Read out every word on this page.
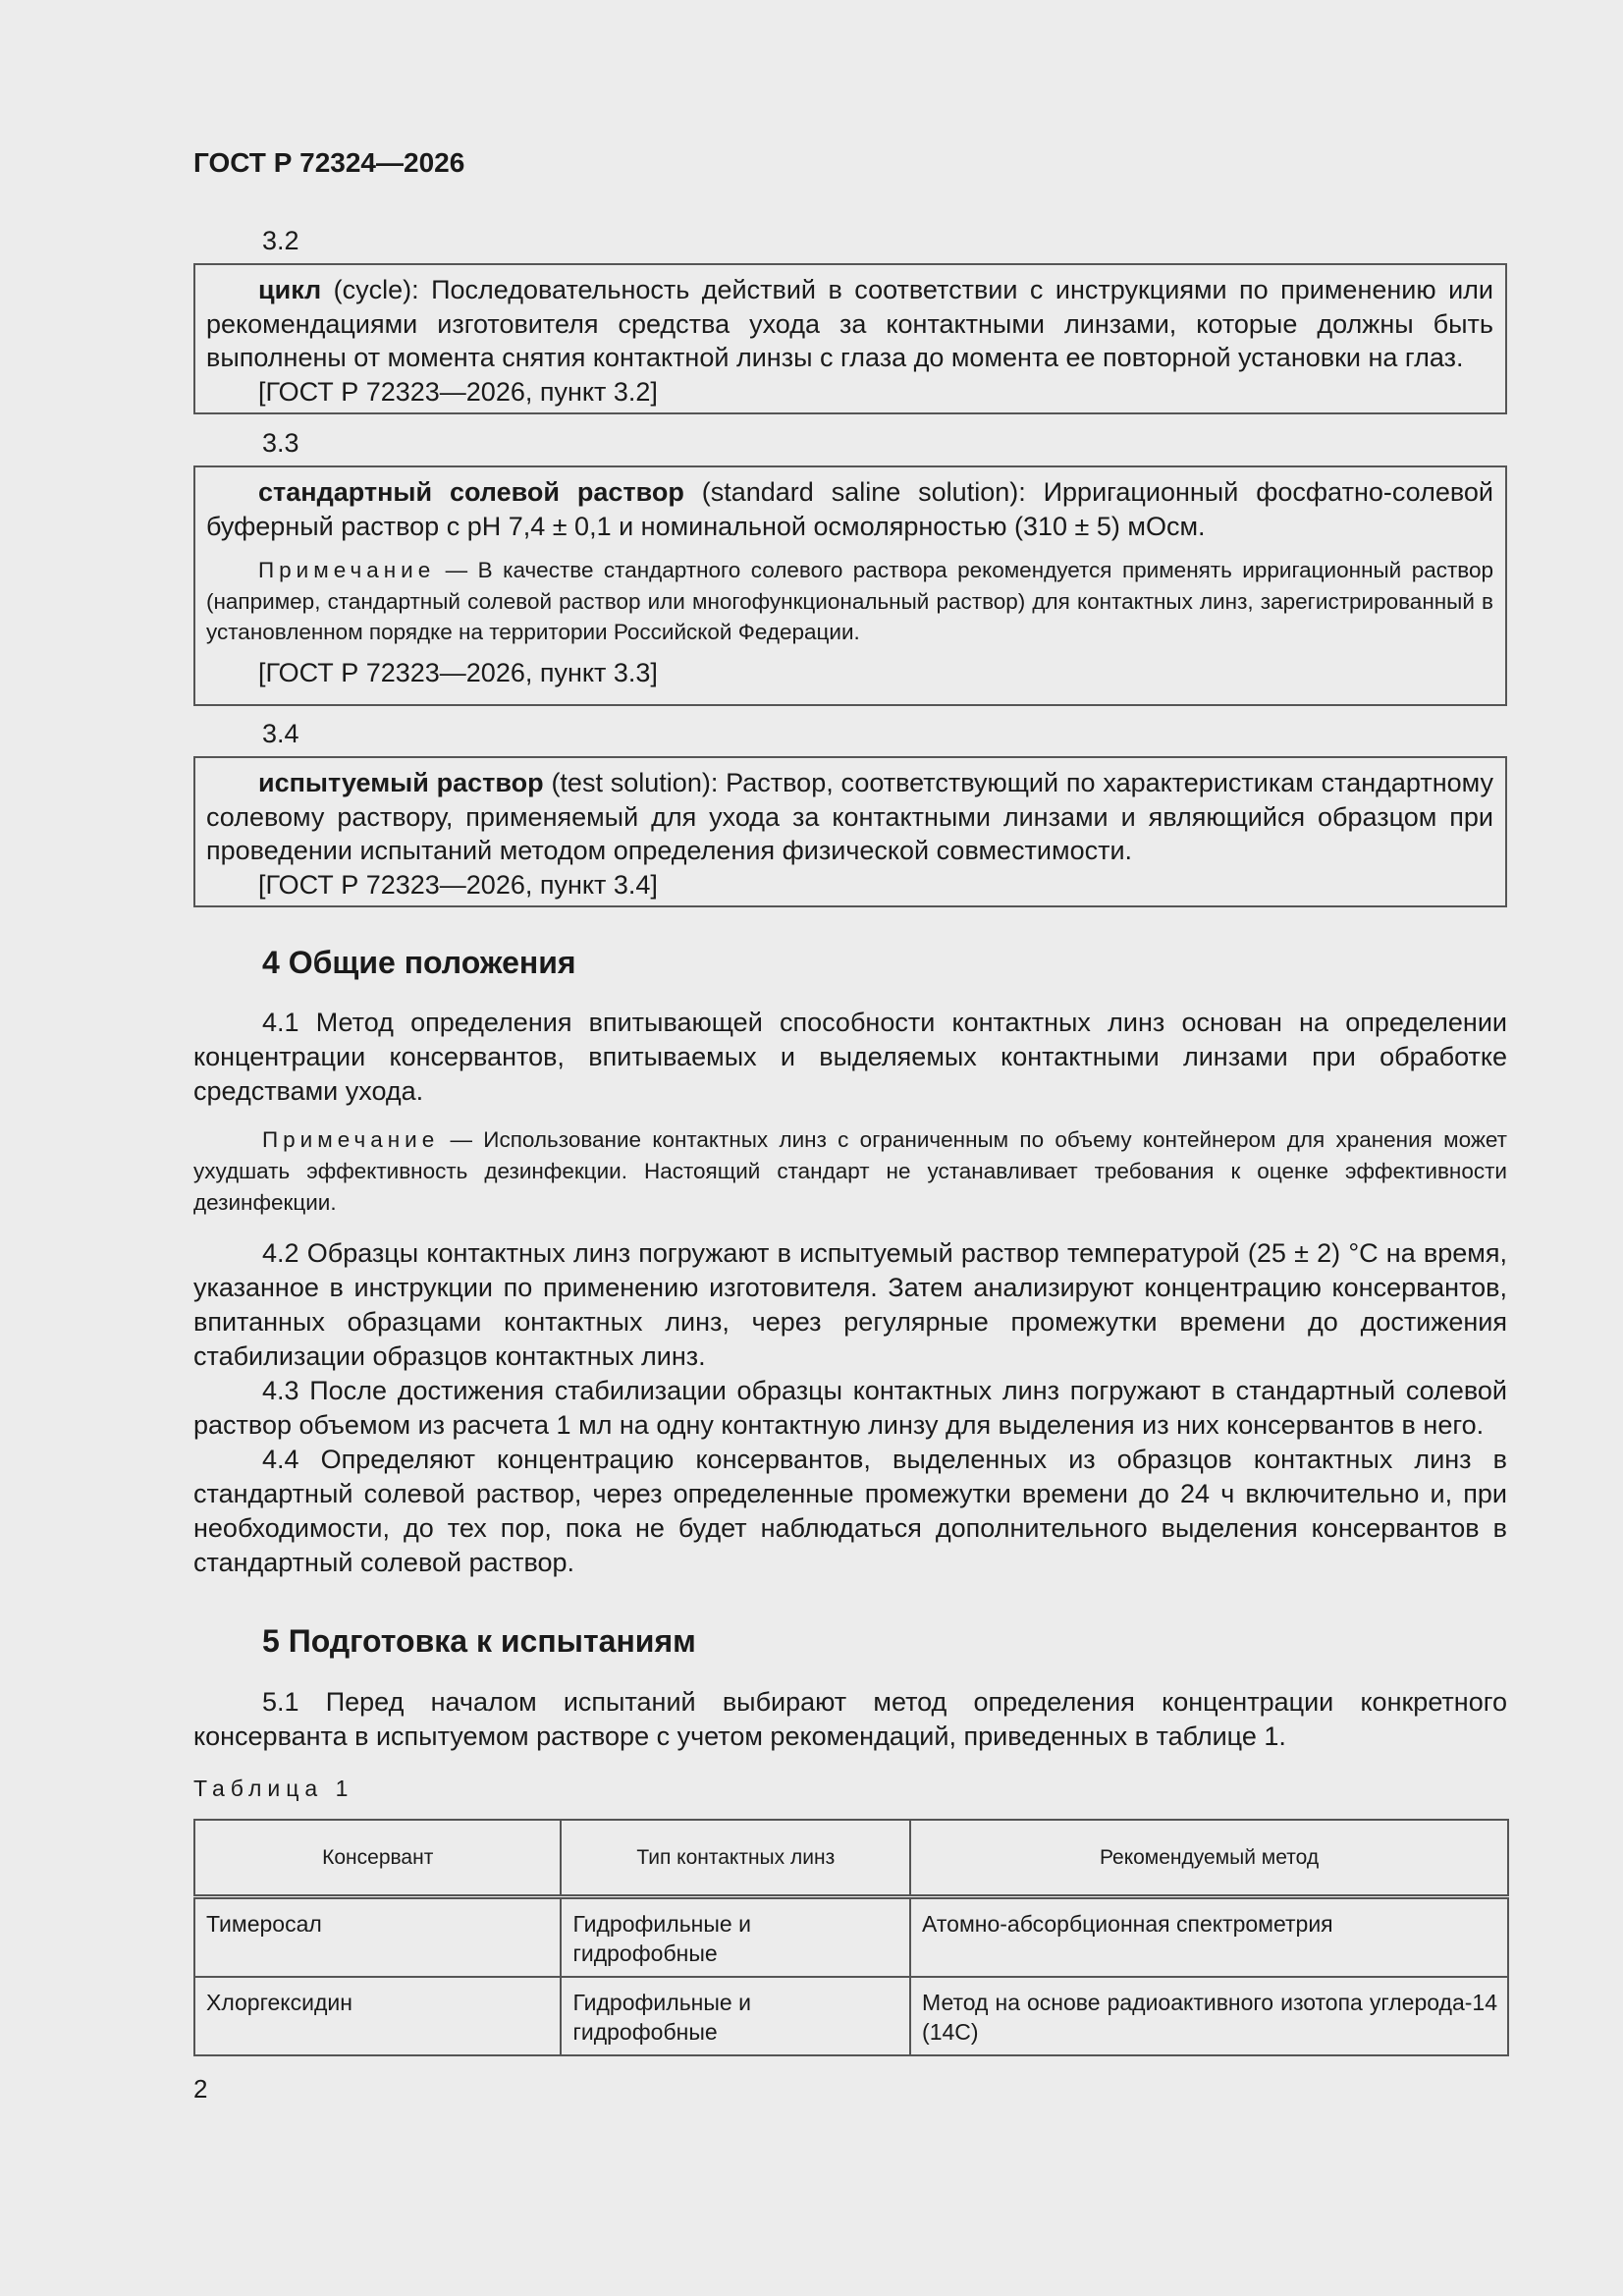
ГОСТ Р 72324—2026
3.2

цикл (cycle): Последовательность действий в соответствии с инструкциями по применению или рекомендациями изготовителя средства ухода за контактными линзами, которые должны быть выполнены от момента снятия контактной линзы с глаза до момента ее повторной установки на глаз.

[ГОСТ Р 72323—2026, пункт 3.2]

3.3

стандартный солевой раствор (standard saline solution): Ирригационный фосфатно-солевой буферный раствор с pH 7,4 ± 0,1 и номинальной осмолярностью (310 ± 5) мОсм.

Примечание — В качестве стандартного солевого раствора рекомендуется применять ирригационный раствор (например, стандартный солевой раствор или многофункциональный раствор) для контактных линз, зарегистрированный в установленном порядке на территории Российской Федерации.

[ГОСТ Р 72323—2026, пункт 3.3]

3.4

испытуемый раствор (test solution): Раствор, соответствующий по характеристикам стандартному солевому раствору, применяемый для ухода за контактными линзами и являющийся образцом при проведении испытаний методом определения физической совместимости.

[ГОСТ Р 72323—2026, пункт 3.4]

4 Общие положения

4.1 Метод определения впитывающей способности контактных линз основан на определении концентрации консервантов, впитываемых и выделяемых контактными линзами при обработке средствами ухода.

Примечание — Использование контактных линз с ограниченным по объему контейнером для хранения может ухудшать эффективность дезинфекции. Настоящий стандарт не устанавливает требования к оценке эффективности дезинфекции.

4.2 Образцы контактных линз погружают в испытуемый раствор температурой (25 ± 2) °C на время, указанное в инструкции по применению изготовителя. Затем анализируют концентрацию консервантов, впитанных образцами контактных линз, через регулярные промежутки времени до достижения стабилизации образцов контактных линз.

4.3 После достижения стабилизации образцы контактных линз погружают в стандартный солевой раствор объемом из расчета 1 мл на одну контактную линзу для выделения из них консервантов в него.

4.4 Определяют концентрацию консервантов, выделенных из образцов контактных линз в стандартный солевой раствор, через определенные промежутки времени до 24 ч включительно и, при необходимости, до тех пор, пока не будет наблюдаться дополнительного выделения консервантов в стандартный солевой раствор.

5 Подготовка к испытаниям

5.1 Перед началом испытаний выбирают метод определения концентрации конкретного консерванта в испытуемом растворе с учетом рекомендаций, приведенных в таблице 1.

Таблица 1
Консервант	Тип контактных линз	Рекомендуемый метод
Тимеросал	Гидрофильные и гидрофобные	Атомно-абсорбционная спектрометрия
Хлоргексидин	Гидрофильные и гидрофобные	Метод на основе радиоактивного изотопа углерода-14 (14С)
2
